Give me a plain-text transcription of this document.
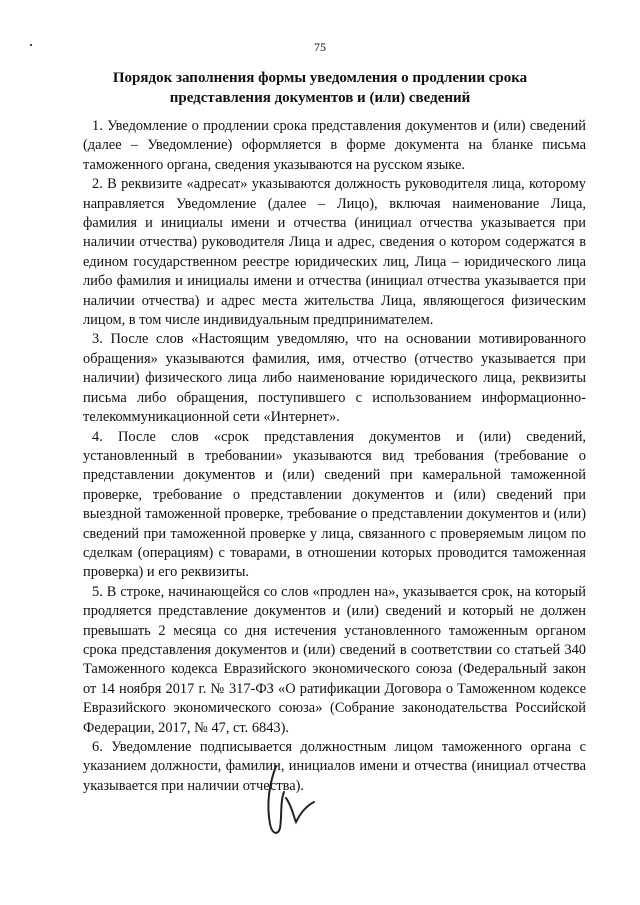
75
Порядок заполнения формы уведомления о продлении срока
представления документов и (или) сведений

1. Уведомление о продлении срока представления документов и (или) сведений (далее – Уведомление) оформляется в форме документа на бланке письма таможенного органа, сведения указываются на русском языке.

2. В реквизите «адресат» указываются должность руководителя лица, которому направляется Уведомление (далее – Лицо), включая наименование Лица, фамилия и инициалы имени и отчества (инициал отчества указывается при наличии отчества) руководителя Лица и адрес, сведения о котором содержатся в едином государственном реестре юридических лиц, Лица – юридического лица либо фамилия и инициалы имени и отчества (инициал отчества указывается при наличии отчества) и адрес места жительства Лица, являющегося физическим лицом, в том числе индивидуальным предпринимателем.

3. После слов «Настоящим уведомляю, что на основании мотивированного обращения» указываются фамилия, имя, отчество (отчество указывается при наличии) физического лица либо наименование юридического лица, реквизиты письма либо обращения, поступившего с использованием информационно-телекоммуникационной сети «Интернет».

4. После слов «срок представления документов и (или) сведений, установленный в требовании» указываются вид требования (требование о представлении документов и (или) сведений при камеральной таможенной проверке, требование о представлении документов и (или) сведений при выездной таможенной проверке, требование о представлении документов и (или) сведений при таможенной проверке у лица, связанного с проверяемым лицом по сделкам (операциям) с товарами, в отношении которых проводится таможенная проверка) и его реквизиты.

5. В строке, начинающейся со слов «продлен на», указывается срок, на который продляется представление документов и (или) сведений и который не должен превышать 2 месяца со дня истечения установленного таможенным органом срока представления документов и (или) сведений в соответствии со статьей 340 Таможенного кодекса Евразийского экономического союза (Федеральный закон от 14 ноября 2017 г. № 317-ФЗ «О ратификации Договора о Таможенном кодексе Евразийского экономического союза» (Собрание законодательства Российской Федерации, 2017, № 47, ст. 6843).

6. Уведомление подписывается должностным лицом таможенного органа с указанием должности, фамилии, инициалов имени и отчества (инициал отчества указывается при наличии отчества).
